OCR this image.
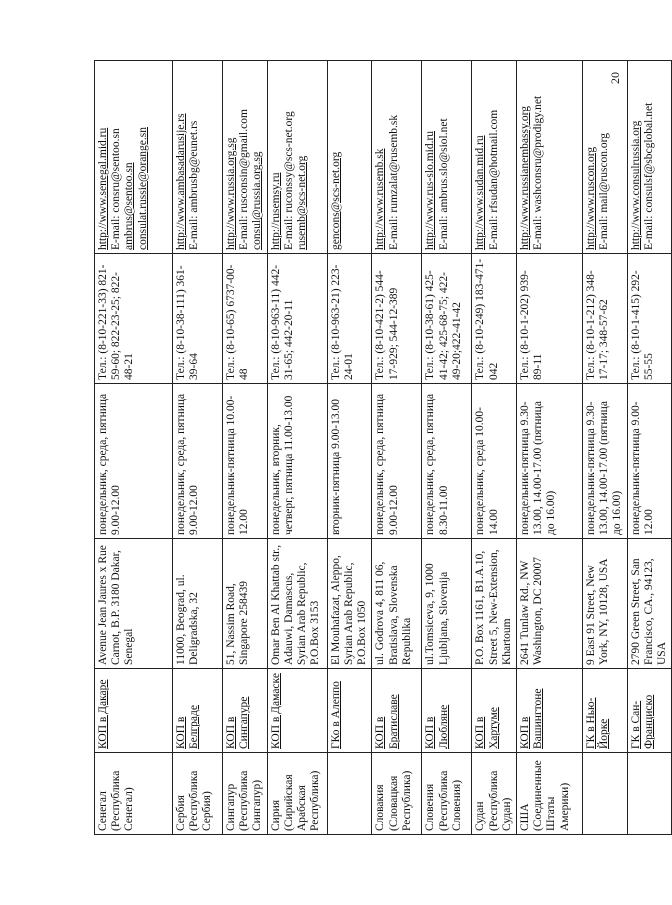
20
Сенегал (Республика Сенегал)	КОП в Дакаре	Avenue Jean Jaures x Rue Carnot, B.P. 3180 Dakar, Senegal	понедельник, среда, пятница 9.00-12.00	Тел.: (8-10-221-33) 821-59-60; 822-23-25; 822-48-21	http://www.senegal.mid.ru E-mail: consru@sentoo.sn ambrus@sentoo.sn consulat.russie@orange.sn

Сербия (Республика Сербия)	КОП в Белграде	11000, Beograd, ul. Deligradska, 32	понедельник, среда, пятница 9.00-12.00	Тел.: (8-10-38-111) 361-39-64	http://www.ambasadarusije.rs E-mail: ambrusbg@eunet.rs

Сингапур (Республика Сингапур)	КОП в Сингапуре	51, Nassim Road, Singapore 258439	понедельник-пятница 10.00-12.00	Тел.: (8-10-65) 6737-00-48	http://www.russia.org.sg E-mail: rusconsin@gmail.com consul@russia.org.sg

Сирия (Сирийская Арабская Республика)	КОП в Дамаске	Omar Ben Al Khattab str., Adauwi, Damascus, Syrian Arab Republic, P.O.Box 3153	понедельник, вторник, четверг, пятница 11.00-13.00	Тел.: (8-10-963-11) 442-31-65; 442-20-11	http://rusemsy.ru E-mail: ruconssy@scs-net.org rusemb@scs-net.org

	ГКо в Алеппо	El Mouhafazat, Aleppo, Syrian Arab Republic, P.O.Box 1050	вторник-пятница 9.00-13.00	Тел.: (8-10-963-21) 223-24-01	gencons@scs-net.org

Словакия (Словацкая Республика)	КОП в Братиславе	ul. Godrova 4, 811 06, Bratislava, Slovenska Republika	понедельник, среда, пятница 9.00-12.00	Тел.: (8-10-421-2) 544-17-929; 544-12-389	http://www.rusemb.sk E-mail: rumzalat@rusemb.sk

Словения (Республика Словения)	КОП в Любляне	ul.Tomsiceva, 9, 1000 Ljubljana, Slovenija	понедельник, среда, пятница 8.30-11.00	Тел.: (8-10-38-61) 425-41-42; 425-68-75; 422-49-20;422-41-42	http://www.rus-slo.mid.ru E-mail: ambrus.slo@siol.net

Судан (Республика Судан)	КОП в Хартуме	P.O. Box 1161, B1.A.10, Street 5, New-Extension, Khartoum	понедельник, среда 10.00-14.00	Тел.: (8-10-249) 183-471-042	http://www.sudan.mid.ru E-mail: rfsudan@hotmail.com

США (Соединенные Штаты Америки)	КОП в Вашингтоне	2641 Tunlaw Rd., NW Washington, DC 20007	понедельник-пятница 9.30-13.00, 14.00-17.00 (пятница до 16.00)	Тел.: (8-10-1-202) 939-89-11	http://www.russianembassy.org E-mail: washconsru@prodigy.net

	ГК в Нью-Йорке	9 East 91 Street, New York, NY, 10128, USA	понедельник-пятница 9.30-13.00, 14.00-17.00 (пятница до 16.00)	Тел.: (8-10-1-212) 348-17-17; 348-57-62	http://www.ruscon.org E-mail: mail@ruscon.org

	ГК в Сан-Франциско	2790 Green Street, San Francisco, CA., 94123, USA	понедельник-пятница 9.00-12.00	Тел.: (8-10-1-415) 292-55-55	http://www.consulrussia.org E-mail: consulsf@sbcglobal.net
